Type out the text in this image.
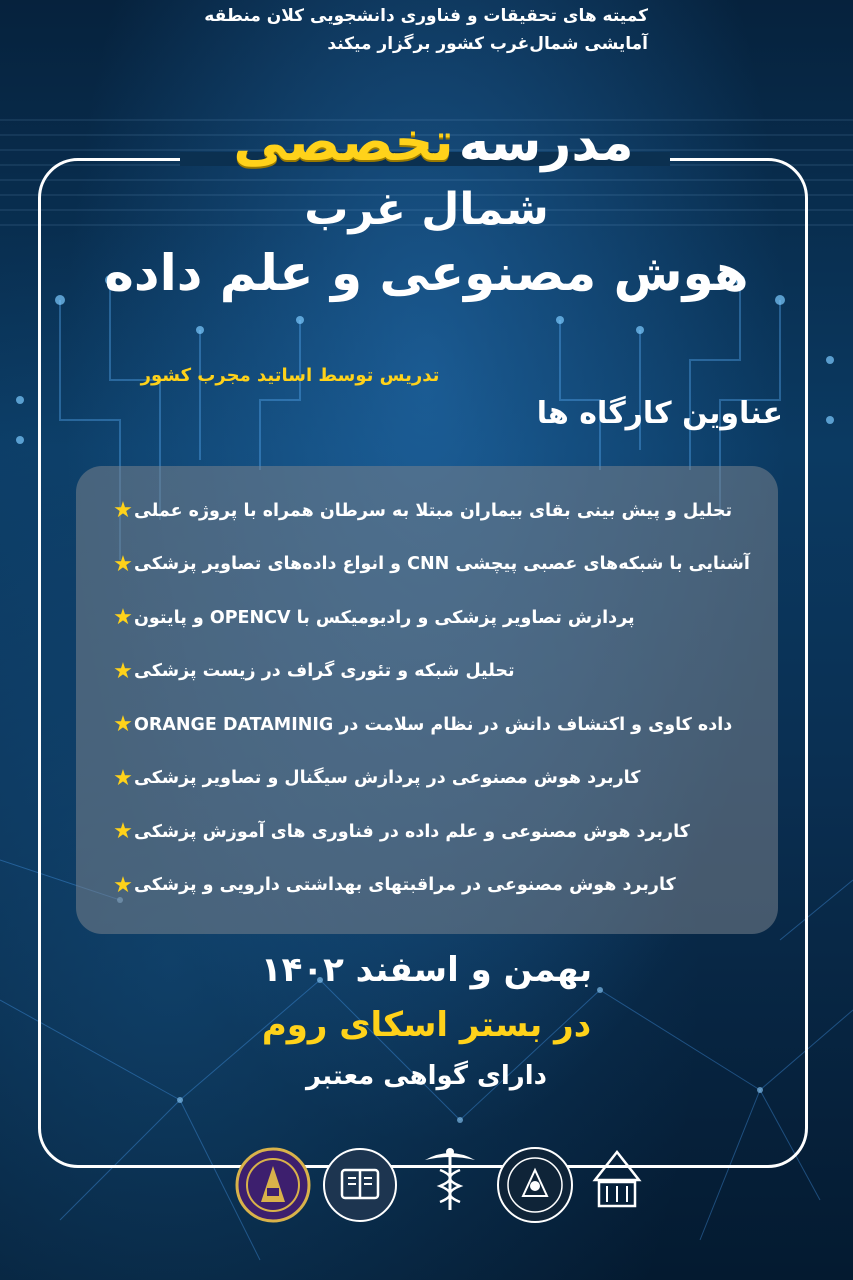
کمیته های تحقیقات و فناوری دانشجویی کلان منطقه
آمایشی شمال‌غرب کشور برگزار میکند
مدرسه تخصصی
شمال غرب
هوش مصنوعی و علم داده
تدریس توسط اساتید مجرب کشور
عناوین کارگاه ها
★ تحلیل و پیش بینی بقای بیماران مبتلا به سرطان همراه با پروژه عملی
★ آشنایی با شبکه‌های عصبی پیچشی CNN و انواع داده‌های تصاویر پزشکی
★ پردازش تصاویر پزشکی و رادیومیکس با OPENCV و پایتون
★ تحلیل شبکه و تئوری گراف در زیست پزشکی
★ داده کاوی و اکتشاف دانش در نظام سلامت در ORANGE DATAMINIG
★ کاربرد هوش مصنوعی در پردازش سیگنال و تصاویر پزشکی
★ کاربرد هوش مصنوعی و علم داده در فناوری های آموزش پزشکی
★ کاربرد هوش مصنوعی در مراقبتهای بهداشتی دارویی و پزشکی
بهمن و اسفند ۱۴۰۲
در بستر اسکای روم
دارای گواهی معتبر
